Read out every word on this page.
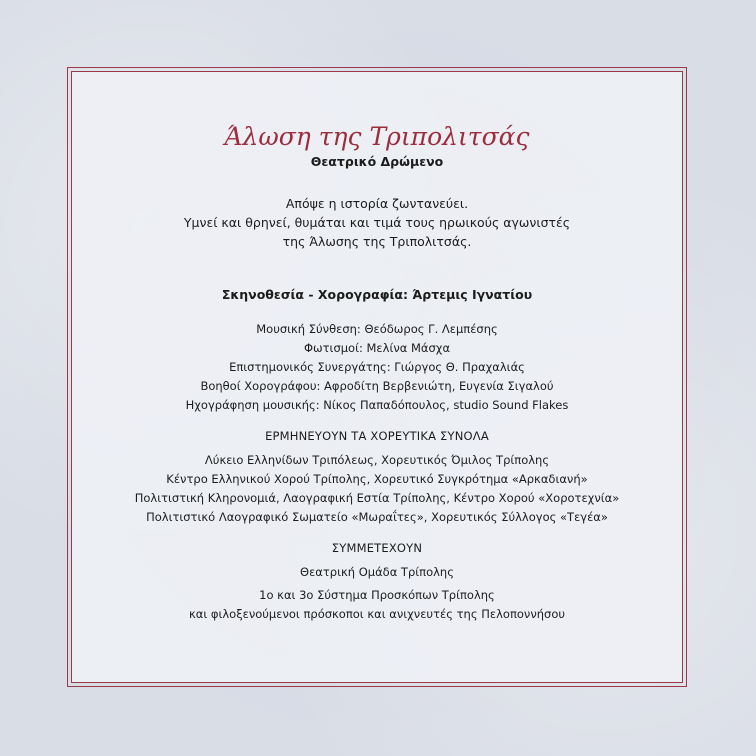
Άλωση της Τριπολιτσάς
Θεατρικό Δρώμενο
Απόψε η ιστορία ζωντανεύει.
Υμνεί και θρηνεί, θυμάται και τιμά τους ηρωικούς αγωνιστές
της Άλωσης της Τριπολιτσάς.
Σκηνοθεσία - Χορογραφία: Άρτεμις Ιγνατίου
Μουσική Σύνθεση: Θεόδωρος Γ. Λεμπέσης
Φωτισμοί: Μελίνα Μάσχα
Επιστημονικός Συνεργάτης: Γιώργος Θ. Πραχαλιάς
Βοηθοί Χορογράφου: Αφροδίτη Βερβενιώτη, Ευγενία Σιγαλού
Ηχογράφηση μουσικής: Νίκος Παπαδόπουλος, studio Sound Flakes
ΕΡΜΗΝΕΥΟΥΝ ΤΑ ΧΟΡΕΥΤΙΚΑ ΣΥΝΟΛΑ
Λύκειο Ελληνίδων Τριπόλεως, Χορευτικός Όμιλος Τρίπολης
Κέντρο Ελληνικού Χορού Τρίπολης, Χορευτικό Συγκρότημα «Αρκαδιανή»
Πολιτιστική Κληρονομιά, Λαογραφική Εστία Τρίπολης, Κέντρο Χορού «Χοροτεχνία»
Πολιτιστικό Λαογραφικό Σωματείο «Μωραΐτες», Χορευτικός Σύλλογος «Τεγέα»
ΣΥΜΜΕΤΕΧΟΥΝ
Θεατρική Ομάδα Τρίπολης
1ο και 3ο Σύστημα Προσκόπων Τρίπολης
και φιλοξενούμενοι πρόσκοποι και ανιχνευτές της Πελοποννήσου
